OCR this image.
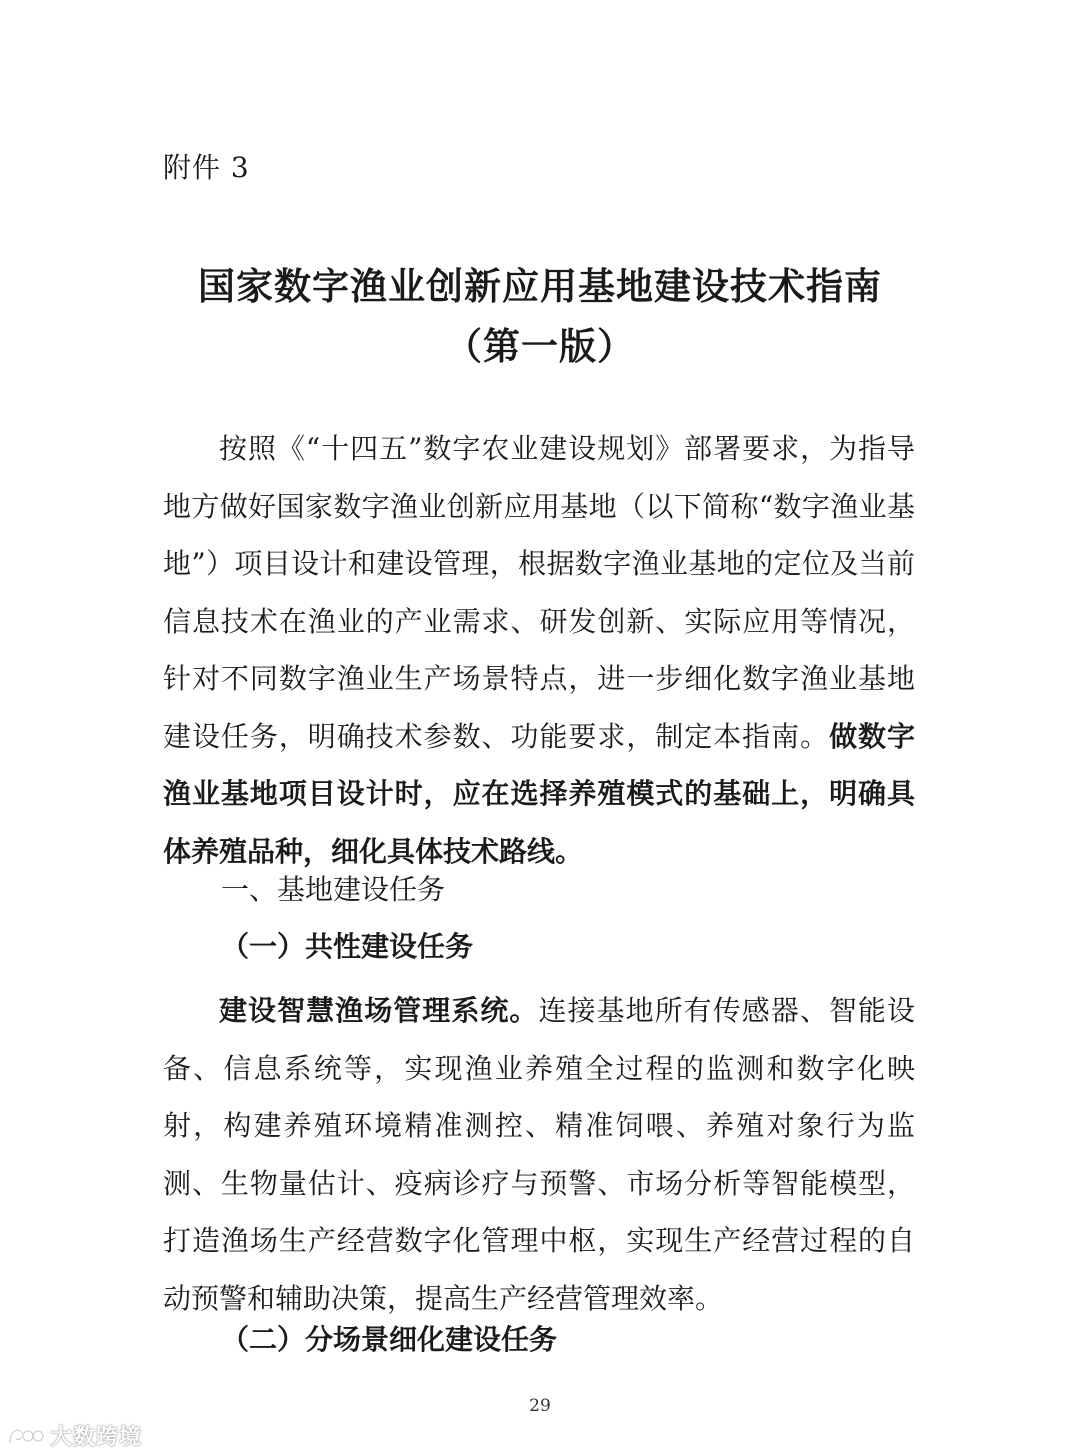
附件 3
国家数字渔业创新应用基地建设技术指南
（第一版）

按照《“十四五”数字农业建设规划》部署要求，为指导地方做好国家数字渔业创新应用基地（以下简称“数字渔业基地”）项目设计和建设管理，根据数字渔业基地的定位及当前信息技术在渔业的产业需求、研发创新、实际应用等情况，针对不同数字渔业生产场景特点，进一步细化数字渔业基地建设任务，明确技术参数、功能要求，制定本指南。做数字渔业基地项目设计时，应在选择养殖模式的基础上，明确具体养殖品种，细化具体技术路线。

一、基地建设任务
（一）共性建设任务

建设智慧渔场管理系统。连接基地所有传感器、智能设备、信息系统等，实现渔业养殖全过程的监测和数字化映射，构建养殖环境精准测控、精准饲喂、养殖对象行为监测、生物量估计、疫病诊疗与预警、市场分析等智能模型，打造渔场生产经营数字化管理中枢，实现生产经营过程的自动预警和辅助决策，提高生产经营管理效率。

（二）分场景细化建设任务
29
大数跨境
